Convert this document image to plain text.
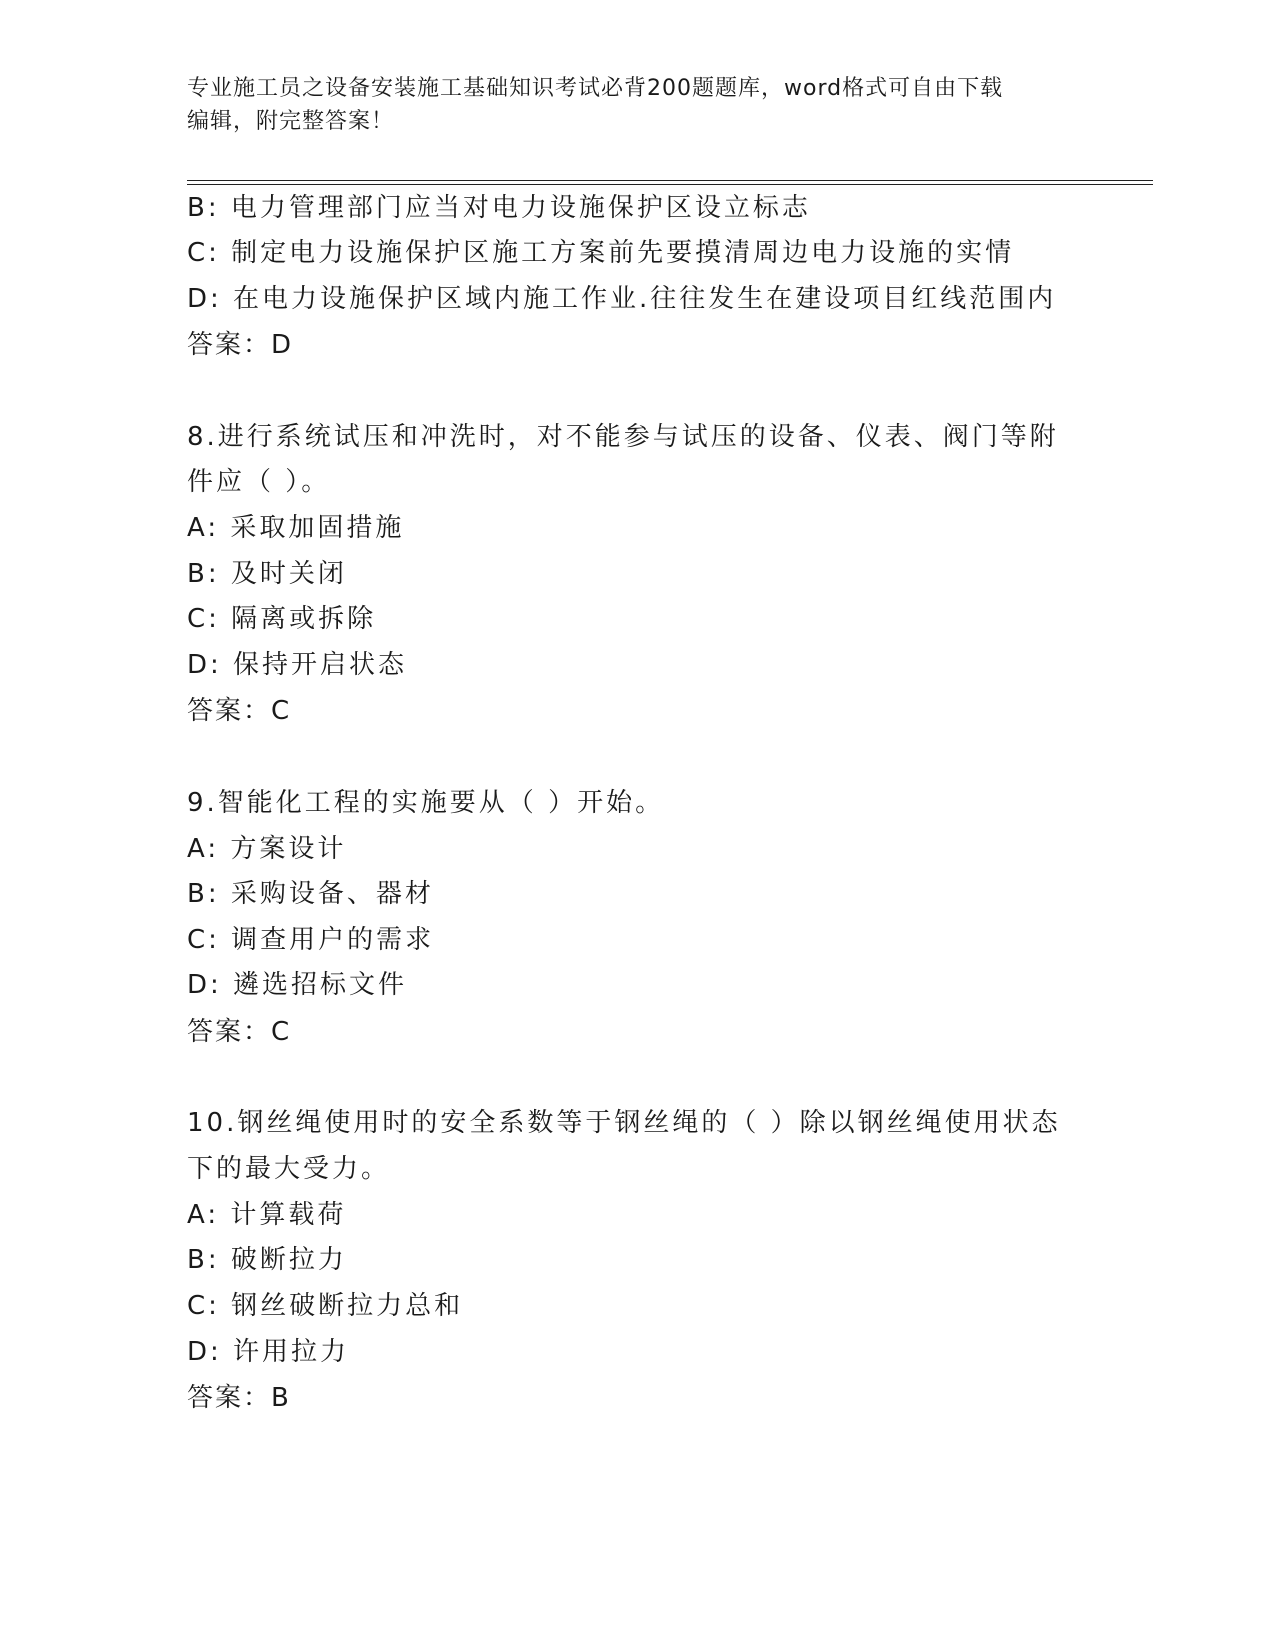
专业施工员之设备安装施工基础知识考试必背200题题库，word格式可自由下载
编辑，附完整答案！
B: 电力管理部门应当对电力设施保护区设立标志
C: 制定电力设施保护区施工方案前先要摸清周边电力设施的实情
D: 在电力设施保护区域内施工作业.往往发生在建设项目红线范围内
答案：D
8.进行系统试压和冲洗时，对不能参与试压的设备、仪表、阀门等附
件应（ ）。
A: 采取加固措施
B: 及时关闭
C: 隔离或拆除
D: 保持开启状态
答案：C
9.智能化工程的实施要从（ ）开始。
A: 方案设计
B: 采购设备、器材
C: 调查用户的需求
D: 遴选招标文件
答案：C
10.钢丝绳使用时的安全系数等于钢丝绳的（ ）除以钢丝绳使用状态
下的最大受力。
A: 计算载荷
B: 破断拉力
C: 钢丝破断拉力总和
D: 许用拉力
答案：B
